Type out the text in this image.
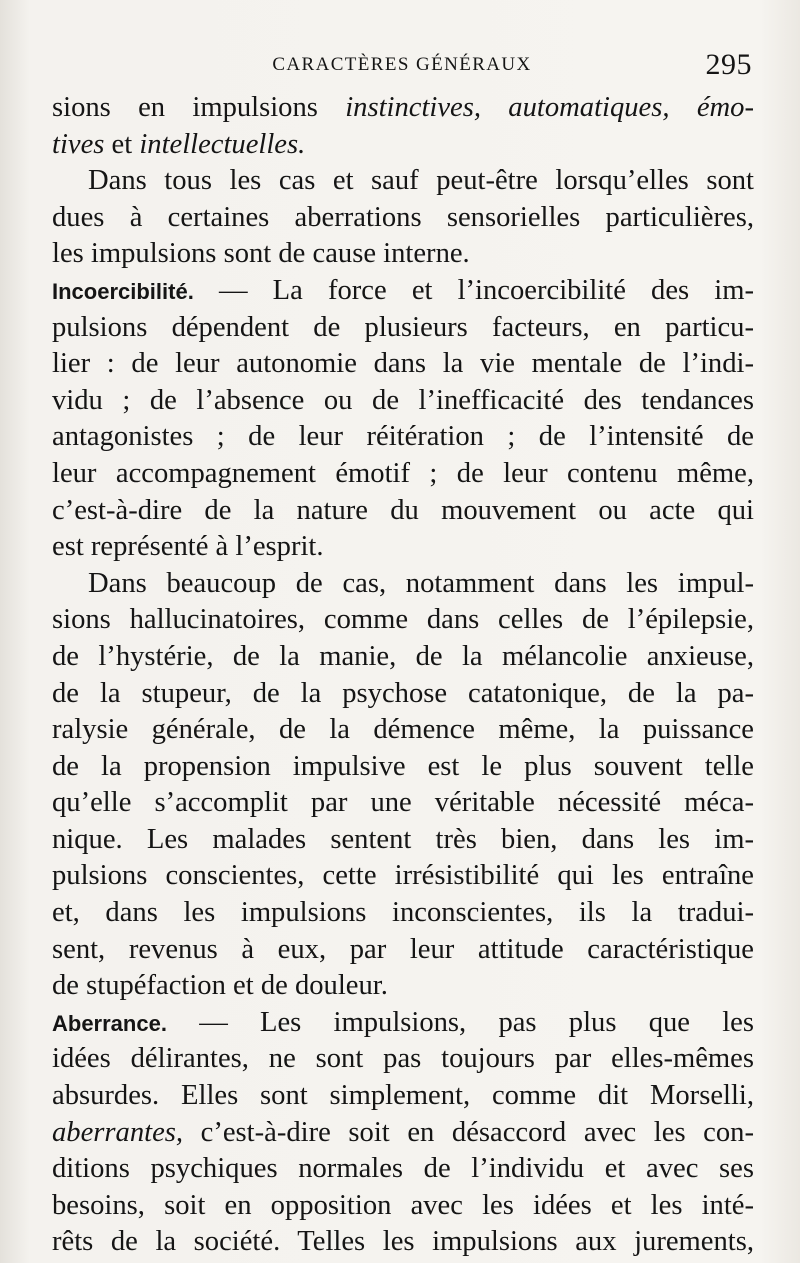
CARACTÈRES GÉNÉRAUX	295
sions en impulsions instinctives, automatiques, émo-
tives et intellectuelles.
Dans tous les cas et sauf peut-être lorsqu’elles sont
dues à certaines aberrations sensorielles particulières,
les impulsions sont de cause interne.
Incoercibilité. — La force et l’incoercibilité des im-
pulsions dépendent de plusieurs facteurs, en particu-
lier : de leur autonomie dans la vie mentale de l’indi-
vidu ; de l’absence ou de l’inefficacité des tendances
antagonistes ; de leur réitération ; de l’intensité de
leur accompagnement émotif ; de leur contenu même,
c’est-à-dire de la nature du mouvement ou acte qui
est représenté à l’esprit.
Dans beaucoup de cas, notamment dans les impul-
sions hallucinatoires, comme dans celles de l’épilepsie,
de l’hystérie, de la manie, de la mélancolie anxieuse,
de la stupeur, de la psychose catatonique, de la pa-
ralysie générale, de la démence même, la puissance
de la propension impulsive est le plus souvent telle
qu’elle s’accomplit par une véritable nécessité méca-
nique. Les malades sentent très bien, dans les im-
pulsions conscientes, cette irrésistibilité qui les entraîne
et, dans les impulsions inconscientes, ils la tradui-
sent, revenus à eux, par leur attitude caractéristique
de stupéfaction et de douleur.
Aberrance. — Les impulsions, pas plus que les
idées délirantes, ne sont pas toujours par elles-mêmes
absurdes. Elles sont simplement, comme dit Morselli,
aberrantes, c’est-à-dire soit en désaccord avec les con-
ditions psychiques normales de l’individu et avec ses
besoins, soit en opposition avec les idées et les inté-
rêts de la société. Telles les impulsions aux jurements,
